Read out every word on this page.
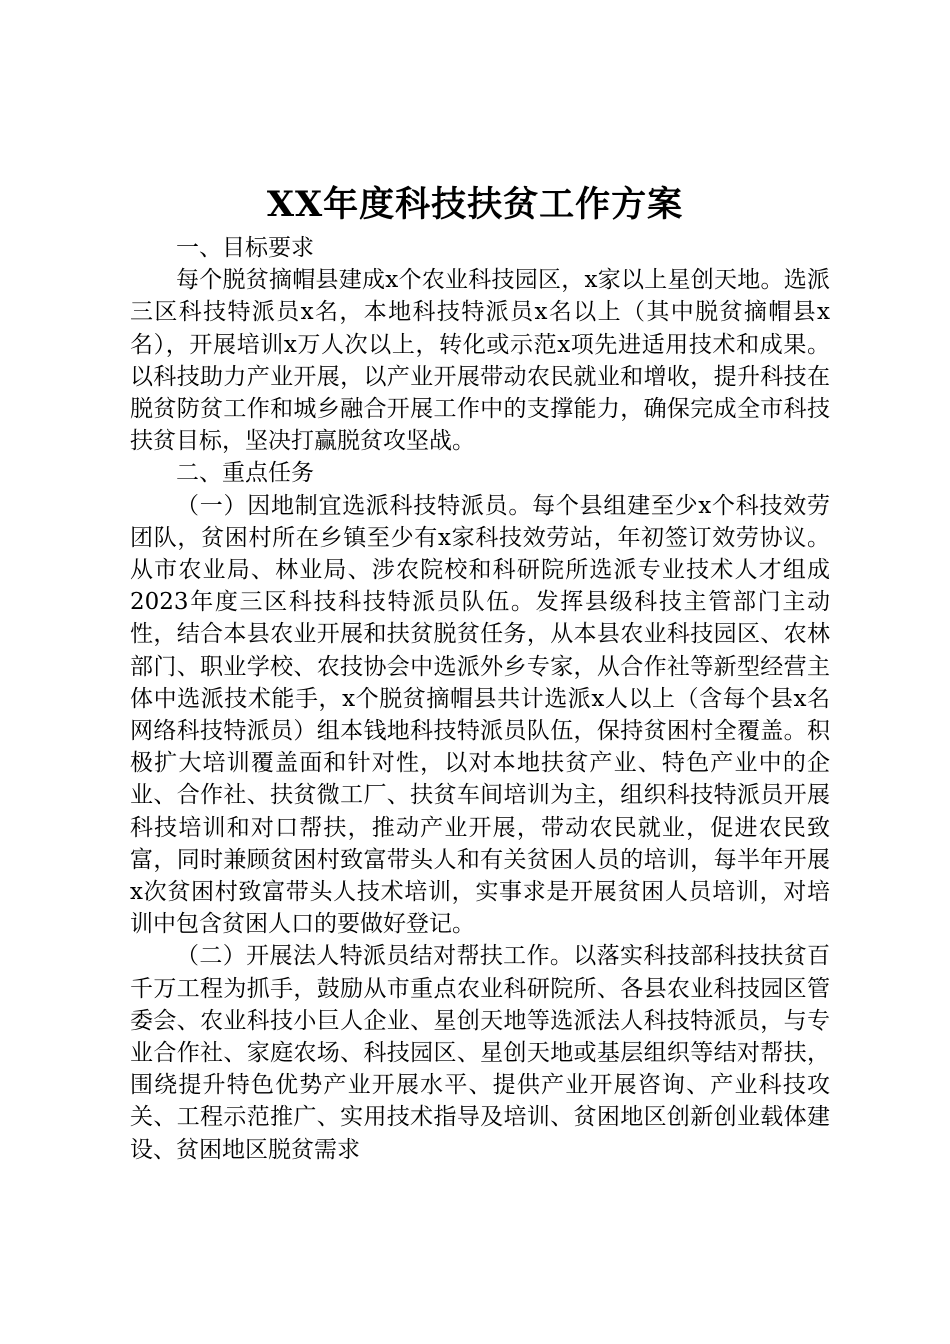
XX年度科技扶贫工作方案

一、目标要求

每个脱贫摘帽县建成x个农业科技园区，x家以上星创天地。选派三区科技特派员x名，本地科技特派员x名以上（其中脱贫摘帽县x名），开展培训x万人次以上，转化或示范x项先进适用技术和成果。以科技助力产业开展，以产业开展带动农民就业和增收，提升科技在脱贫防贫工作和城乡融合开展工作中的支撑能力，确保完成全市科技扶贫目标，坚决打赢脱贫攻坚战。

二、重点任务

（一）因地制宜选派科技特派员。每个县组建至少x个科技效劳团队，贫困村所在乡镇至少有x家科技效劳站，年初签订效劳协议。从市农业局、林业局、涉农院校和科研院所选派专业技术人才组成2023年度三区科技科技特派员队伍。发挥县级科技主管部门主动性，结合本县农业开展和扶贫脱贫任务，从本县农业科技园区、农林部门、职业学校、农技协会中选派外乡专家，从合作社等新型经营主体中选派技术能手，x个脱贫摘帽县共计选派x人以上（含每个县x名网络科技特派员）组本钱地科技特派员队伍，保持贫困村全覆盖。积极扩大培训覆盖面和针对性，以对本地扶贫产业、特色产业中的企业、合作社、扶贫微工厂、扶贫车间培训为主，组织科技特派员开展科技培训和对口帮扶，推动产业开展，带动农民就业，促进农民致富，同时兼顾贫困村致富带头人和有关贫困人员的培训，每半年开展x次贫困村致富带头人技术培训，实事求是开展贫困人员培训，对培训中包含贫困人口的要做好登记。

（二）开展法人特派员结对帮扶工作。以落实科技部科技扶贫百千万工程为抓手，鼓励从市重点农业科研院所、各县农业科技园区管委会、农业科技小巨人企业、星创天地等选派法人科技特派员，与专业合作社、家庭农场、科技园区、星创天地或基层组织等结对帮扶，围绕提升特色优势产业开展水平、提供产业开展咨询、产业科技攻关、工程示范推广、实用技术指导及培训、贫困地区创新创业载体建设、贫困地区脱贫需求
